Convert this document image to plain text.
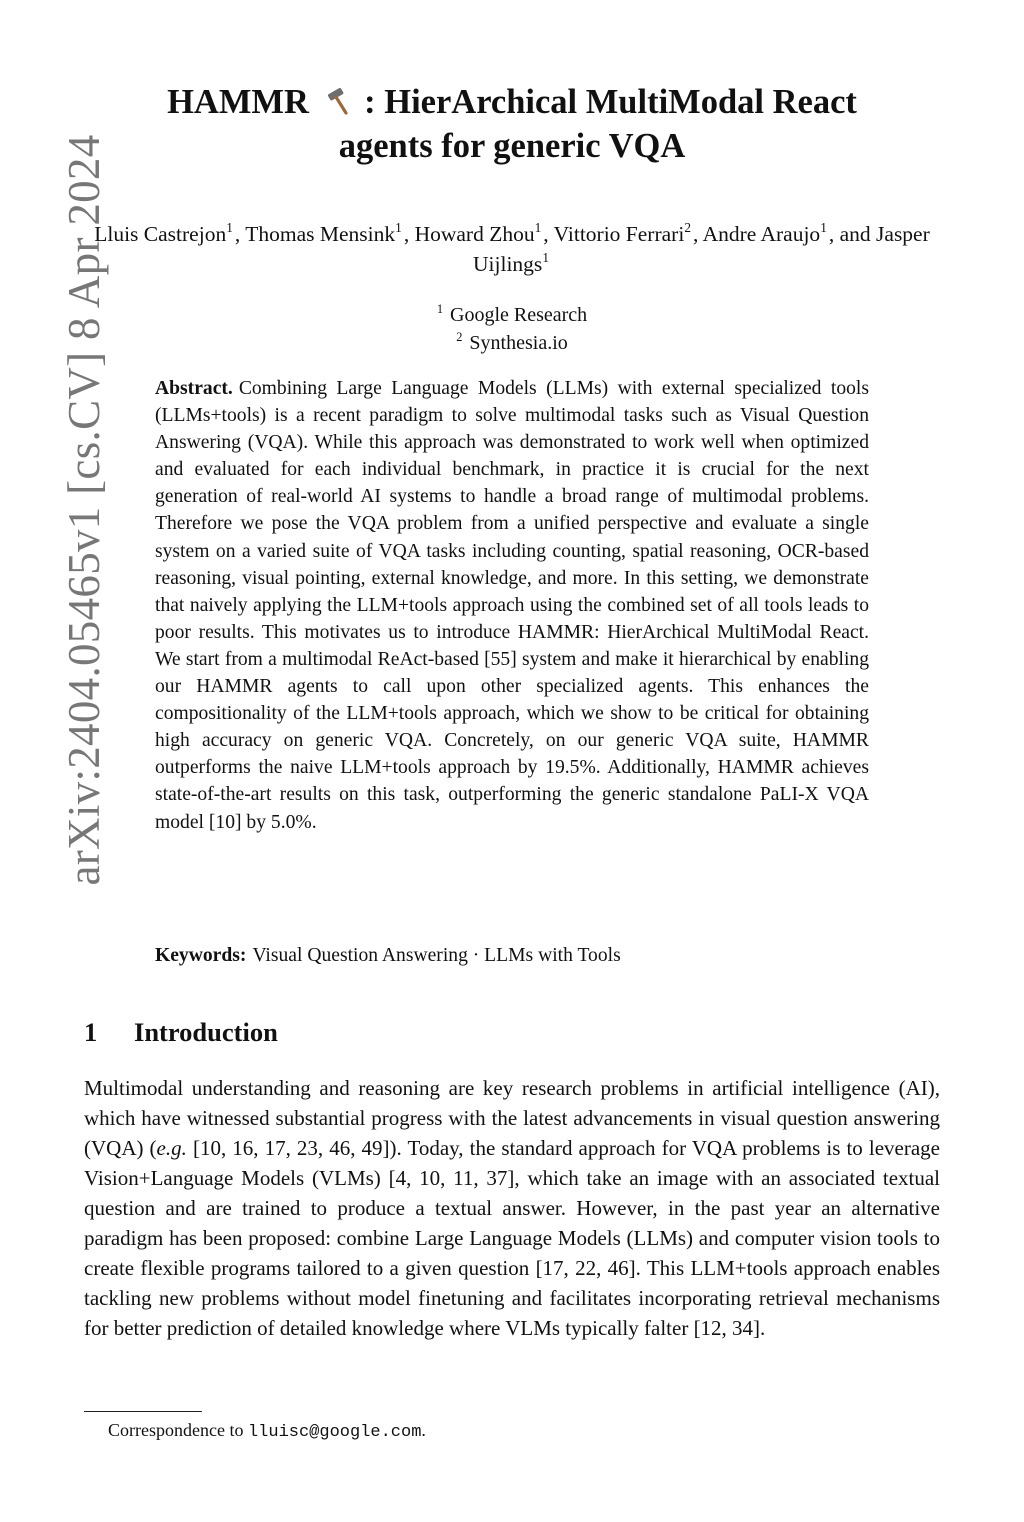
arXiv:2404.05465v1 [cs.CV] 8 Apr 2024
HAMMR : HierArchical MultiModal React
agents for generic VQA
Lluis Castrejon$^1$, Thomas Mensink$^1$, Howard Zhou$^1$, Vittorio Ferrari$^2$, Andre Araujo$^1$, and Jasper Uijlings$^1$
$^1$ Google Research
$^2$ Synthesia.io
Abstract. Combining Large Language Models (LLMs) with external specialized tools (LLMs+tools) is a recent paradigm to solve multimodal tasks such as Visual Question Answering (VQA). While this approach was demonstrated to work well when optimized and evaluated for each individual benchmark, in practice it is crucial for the next generation of real-world AI systems to handle a broad range of multimodal problems. Therefore we pose the VQA problem from a unified perspective and evaluate a single system on a varied suite of VQA tasks including counting, spatial reasoning, OCR-based reasoning, visual pointing, external knowledge, and more. In this setting, we demonstrate that naively applying the LLM+tools approach using the combined set of all tools leads to poor results. This motivates us to introduce HAMMR: HierArchical MultiModal React. We start from a multimodal ReAct-based [55] system and make it hierarchical by enabling our HAMMR agents to call upon other specialized agents. This enhances the compositionality of the LLM+tools approach, which we show to be critical for obtaining high accuracy on generic VQA. Concretely, on our generic VQA suite, HAMMR outperforms the naive LLM+tools approach by 19.5%. Additionally, HAMMR achieves state-of-the-art results on this task, outperforming the generic standalone PaLI-X VQA model [10] by 5.0%.
Keywords: Visual Question Answering · LLMs with Tools
1 Introduction
Multimodal understanding and reasoning are key research problems in artificial intelligence (AI), which have witnessed substantial progress with the latest advancements in visual question answering (VQA) (e.g. [10, 16, 17, 23, 46, 49]). Today, the standard approach for VQA problems is to leverage Vision+Language Models (VLMs) [4, 10, 11, 37], which take an image with an associated textual question and are trained to produce a textual answer. However, in the past year an alternative paradigm has been proposed: combine Large Language Models (LLMs) and computer vision tools to create flexible programs tailored to a given question [17, 22, 46]. This LLM+tools approach enables tackling new problems without model finetuning and facilitates incorporating retrieval mechanisms for better prediction of detailed knowledge where VLMs typically falter [12, 34].
Correspondence to lluisc@google.com.
